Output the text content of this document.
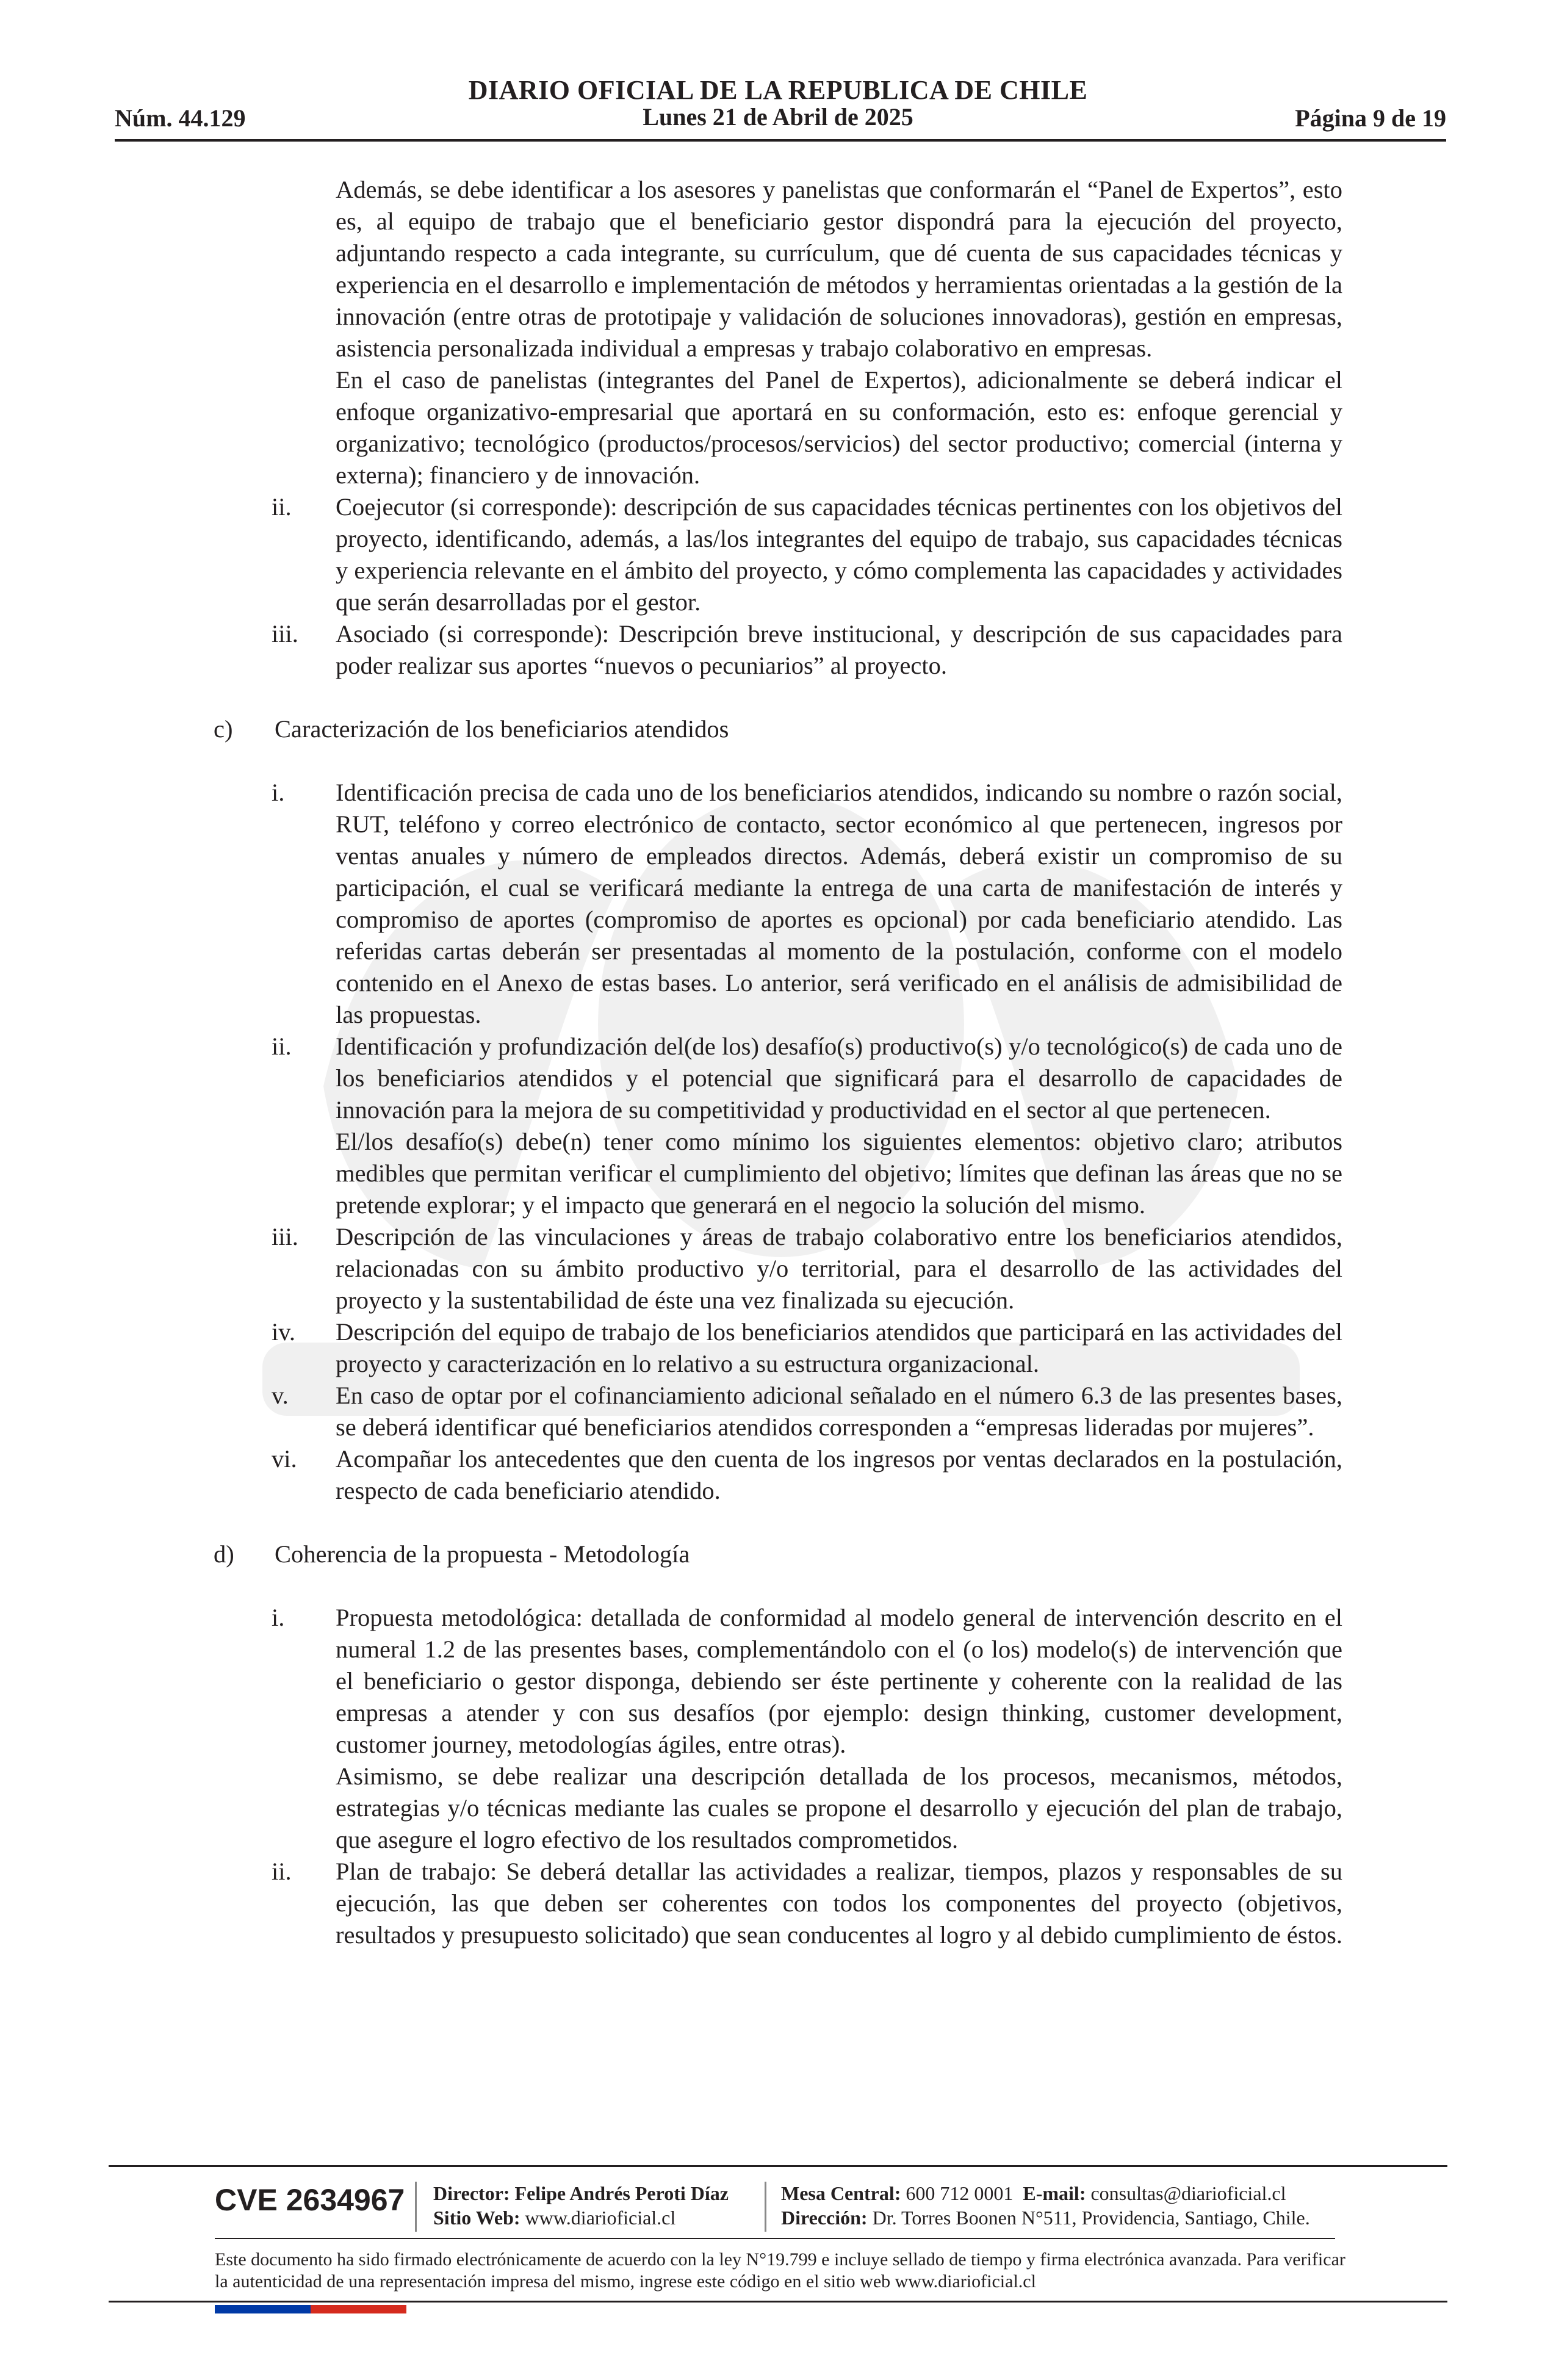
DIARIO OFICIAL DE LA REPUBLICA DE CHILE
Lunes 21 de Abril de 2025
Núm. 44.129	Página 9 de 19

Además, se debe identificar a los asesores y panelistas que conformarán el “Panel de Expertos”, esto es, al equipo de trabajo que el beneficiario gestor dispondrá para la ejecución del proyecto, adjuntando respecto a cada integrante, su currículum, que dé cuenta de sus capacidades técnicas y experiencia en el desarrollo e implementación de métodos y herramientas orientadas a la gestión de la innovación (entre otras de prototipaje y validación de soluciones innovadoras), gestión en empresas, asistencia personalizada individual a empresas y trabajo colaborativo en empresas.

En el caso de panelistas (integrantes del Panel de Expertos), adicionalmente se deberá indicar el enfoque organizativo-empresarial que aportará en su conformación, esto es: enfoque gerencial y organizativo; tecnológico (productos/procesos/servicios) del sector productivo; comercial (interna y externa); financiero y de innovación.

ii. Coejecutor (si corresponde): descripción de sus capacidades técnicas pertinentes con los objetivos del proyecto, identificando, además, a las/los integrantes del equipo de trabajo, sus capacidades técnicas y experiencia relevante en el ámbito del proyecto, y cómo complementa las capacidades y actividades que serán desarrolladas por el gestor.

iii. Asociado (si corresponde): Descripción breve institucional, y descripción de sus capacidades para poder realizar sus aportes “nuevos o pecuniarios” al proyecto.

c) Caracterización de los beneficiarios atendidos
i. Identificación precisa de cada uno de los beneficiarios atendidos, indicando su nombre o razón social, RUT, teléfono y correo electrónico de contacto, sector económico al que pertenecen, ingresos por ventas anuales y número de empleados directos. Además, deberá existir un compromiso de su participación, el cual se verificará mediante la entrega de una carta de manifestación de interés y compromiso de aportes (compromiso de aportes es opcional) por cada beneficiario atendido. Las referidas cartas deberán ser presentadas al momento de la postulación, conforme con el modelo contenido en el Anexo de estas bases. Lo anterior, será verificado en el análisis de admisibilidad de las propuestas.

ii. Identificación y profundización del(de los) desafío(s) productivo(s) y/o tecnológico(s) de cada uno de los beneficiarios atendidos y el potencial que significará para el desarrollo de capacidades de innovación para la mejora de su competitividad y productividad en el sector al que pertenecen.

El/los desafío(s) debe(n) tener como mínimo los siguientes elementos: objetivo claro; atributos medibles que permitan verificar el cumplimiento del objetivo; límites que definan las áreas que no se pretende explorar; y el impacto que generará en el negocio la solución del mismo.

iii. Descripción de las vinculaciones y áreas de trabajo colaborativo entre los beneficiarios atendidos, relacionadas con su ámbito productivo y/o territorial, para el desarrollo de las actividades del proyecto y la sustentabilidad de éste una vez finalizada su ejecución.

iv. Descripción del equipo de trabajo de los beneficiarios atendidos que participará en las actividades del proyecto y caracterización en lo relativo a su estructura organizacional.

v. En caso de optar por el cofinanciamiento adicional señalado en el número 6.3 de las presentes bases, se deberá identificar qué beneficiarios atendidos corresponden a “empresas lideradas por mujeres”.

vi. Acompañar los antecedentes que den cuenta de los ingresos por ventas declarados en la postulación, respecto de cada beneficiario atendido.

d) Coherencia de la propuesta - Metodología
i. Propuesta metodológica: detallada de conformidad al modelo general de intervención descrito en el numeral 1.2 de las presentes bases, complementándolo con el (o los) modelo(s) de intervención que el beneficiario o gestor disponga, debiendo ser éste pertinente y coherente con la realidad de las empresas a atender y con sus desafíos (por ejemplo: design thinking, customer development, customer journey, metodologías ágiles, entre otras).

Asimismo, se debe realizar una descripción detallada de los procesos, mecanismos, métodos, estrategias y/o técnicas mediante las cuales se propone el desarrollo y ejecución del plan de trabajo, que asegure el logro efectivo de los resultados comprometidos.

ii. Plan de trabajo: Se deberá detallar las actividades a realizar, tiempos, plazos y responsables de su ejecución, las que deben ser coherentes con todos los componentes del proyecto (objetivos, resultados y presupuesto solicitado) que sean conducentes al logro y al debido cumplimiento de éstos.

CVE 2634967 Director: Felipe Andrés Peroti Díaz
Sitio Web: www.diarioficial.cl
Mesa Central: 600 712 0001 E-mail: consultas@diarioficial.cl
Dirección: Dr. Torres Boonen N°511, Providencia, Santiago, Chile.
Este documento ha sido firmado electrónicamente de acuerdo con la ley N°19.799 e incluye sellado de tiempo y firma electrónica avanzada. Para verificar la autenticidad de una representación impresa del mismo, ingrese este código en el sitio web www.diarioficial.cl
